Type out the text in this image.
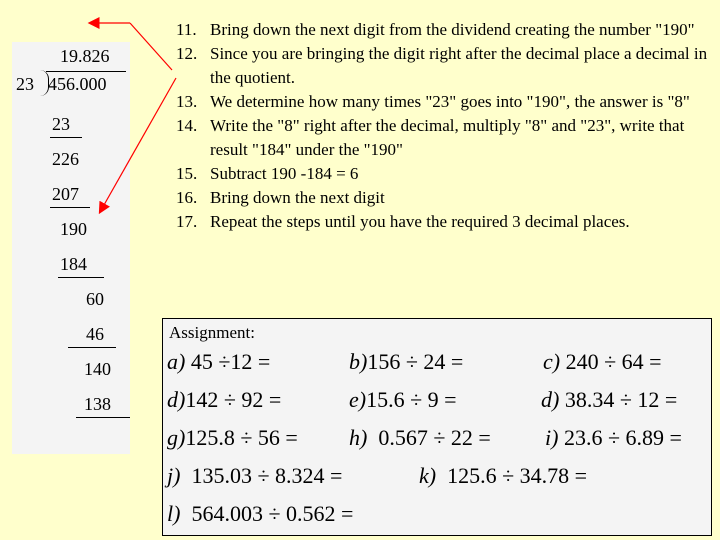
19.826
23 456.000
23
226
207
190
184
60
46
140
138
11. Bring down the next digit from the dividend creating the number "190"
12. Since you are bringing the digit right after the decimal place a decimal in the quotient.
13. We determine how many times "23" goes into "190", the answer is "8"
14. Write the "8" right after the decimal, multiply "8" and "23", write that result "184" under the "190"
15. Subtract 190 -184 = 6
16. Bring down the next digit
17. Repeat the steps until you have the required 3 decimal places.
Assignment:
a) 45 ÷12 =	b)156 ÷ 24 =	c) 240 ÷ 64 =
d)142 ÷ 92 =	e)15.6 ÷ 9 =	d) 38.34 ÷ 12 =
g)125.8 ÷ 56 = h) 0.567 ÷ 22 = i) 23.6 ÷ 6.89 =
j) 135.03 ÷ 8.324 =	k) 125.6 ÷ 34.78 =
l) 564.003 ÷ 0.562 =
